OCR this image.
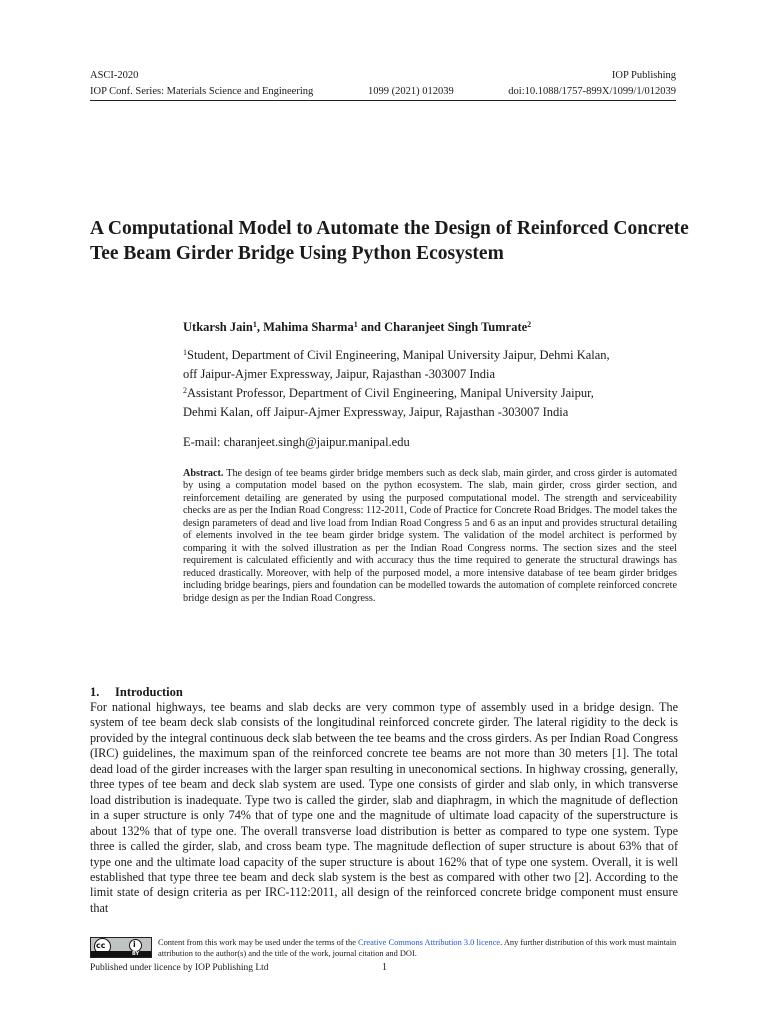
ASCI-2020	IOP Publishing
IOP Conf. Series: Materials Science and Engineering	1099 (2021) 012039	doi:10.1088/1757-899X/1099/1/012039
A Computational Model to Automate the Design of Reinforced Concrete Tee Beam Girder Bridge Using Python Ecosystem
Utkarsh Jain$^1$, Mahima Sharma$^1$ and Charanjeet Singh Tumrate$^2$
$^1$Student, Department of Civil Engineering, Manipal University Jaipur, Dehmi Kalan,
off Jaipur-Ajmer Expressway, Jaipur, Rajasthan -303007 India
$^2$Assistant Professor, Department of Civil Engineering, Manipal University Jaipur,
Dehmi Kalan, off Jaipur-Ajmer Expressway, Jaipur, Rajasthan -303007 India
E-mail: charanjeet.singh@jaipur.manipal.edu
Abstract. The design of tee beams girder bridge members such as deck slab, main girder, and cross girder is automated by using a computation model based on the python ecosystem. The slab, main girder, cross girder section, and reinforcement detailing are generated by using the purposed computational model. The strength and serviceability checks are as per the Indian Road Congress: 112-2011, Code of Practice for Concrete Road Bridges. The model takes the design parameters of dead and live load from Indian Road Congress 5 and 6 as an input and provides structural detailing of elements involved in the tee beam girder bridge system. The validation of the model architect is performed by comparing it with the solved illustration as per the Indian Road Congress norms. The section sizes and the steel requirement is calculated efficiently and with accuracy thus the time required to generate the structural drawings has reduced drastically. Moreover, with help of the purposed model, a more intensive database of tee beam girder bridges including bridge bearings, piers and foundation can be modelled towards the automation of complete reinforced concrete bridge design as per the Indian Road Congress.
1. Introduction
For national highways, tee beams and slab decks are very common type of assembly used in a bridge design. The system of tee beam deck slab consists of the longitudinal reinforced concrete girder. The lateral rigidity to the deck is provided by the integral continuous deck slab between the tee beams and the cross girders. As per Indian Road Congress (IRC) guidelines, the maximum span of the reinforced concrete tee beams are not more than 30 meters [1]. The total dead load of the girder increases with the larger span resulting in uneconomical sections. In highway crossing, generally, three types of tee beam and deck slab system are used. Type one consists of girder and slab only, in which transverse load distribution is inadequate. Type two is called the girder, slab and diaphragm, in which the magnitude of deflection in a super structure is only 74% that of type one and the magnitude of ultimate load capacity of the superstructure is about 132% that of type one. The overall transverse load distribution is better as compared to type one system. Type three is called the girder, slab, and cross beam type. The magnitude deflection of super structure is about 63% that of type one and the ultimate load capacity of the super structure is about 162% that of type one system. Overall, it is well established that type three tee beam and deck slab system is the best as compared with other two [2]. According to the limit state of design criteria as per IRC-112:2011, all design of the reinforced concrete bridge component must ensure that
cc	i
BY
Content from this work may be used under the terms of the Creative Commons Attribution 3.0 licence. Any further distribution of this work must maintain attribution to the author(s) and the title of the work, journal citation and DOI.
Published under licence by IOP Publishing Ltd	1
